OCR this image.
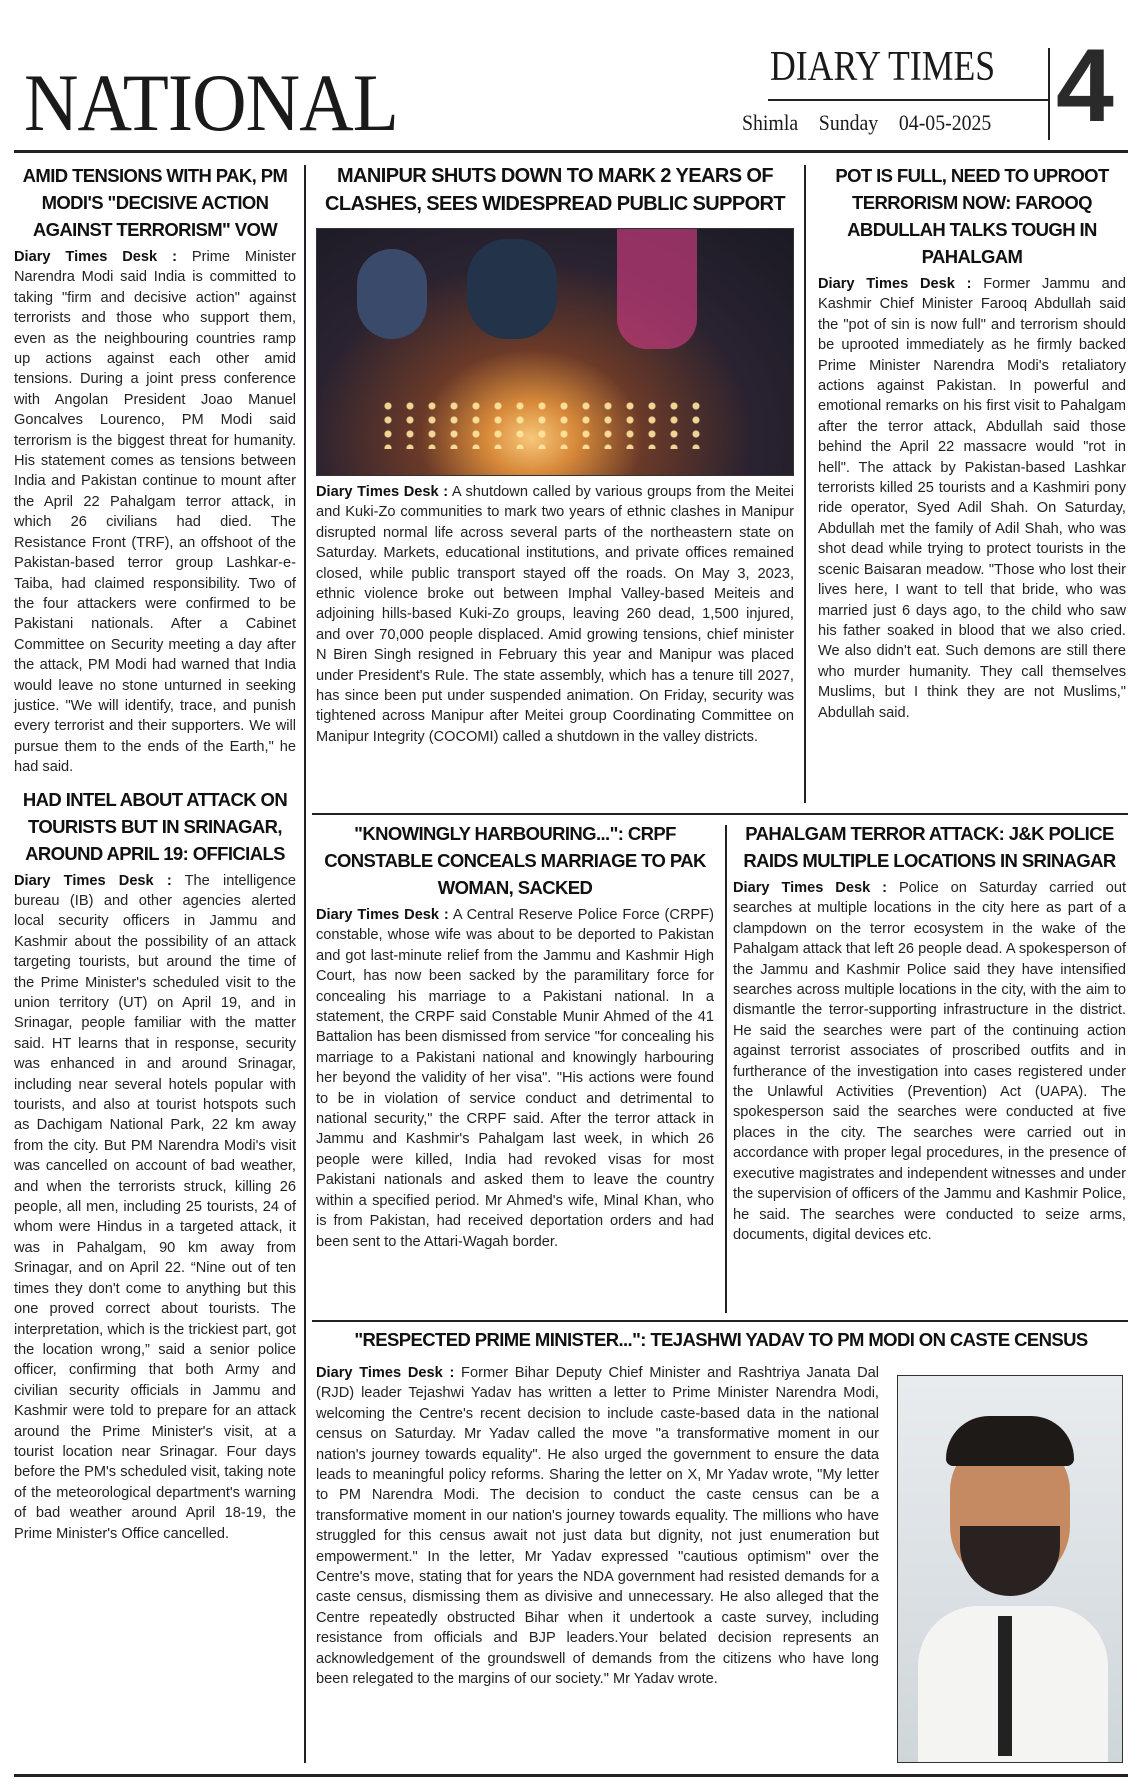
NATIONAL	DIARY TIMES
Shimla Sunday 04-05-2025 4
AMID TENSIONS WITH PAK, PM MODI'S "DECISIVE ACTION AGAINST TERRORISM" VOW

Diary Times Desk : Prime Minister Narendra Modi said India is committed to taking "firm and decisive action" against terrorists and those who support them, even as the neighbouring countries ramp up actions against each other amid tensions. During a joint press conference with Angolan President Joao Manuel Goncalves Lourenco, PM Modi said terrorism is the biggest threat for humanity. His statement comes as tensions between India and Pakistan continue to mount after the April 22 Pahalgam terror attack, in which 26 civilians had died. The Resistance Front (TRF), an offshoot of the Pakistan-based terror group Lashkar-e-Taiba, had claimed responsibility. Two of the four attackers were confirmed to be Pakistani nationals. After a Cabinet Committee on Security meeting a day after the attack, PM Modi had warned that India would leave no stone unturned in seeking justice. "We will identify, trace, and punish every terrorist and their supporters. We will pursue them to the ends of the Earth," he had said.

HAD INTEL ABOUT ATTACK ON TOURISTS BUT IN SRINAGAR, AROUND APRIL 19: OFFICIALS

Diary Times Desk : The intelligence bureau (IB) and other agencies alerted local security officers in Jammu and Kashmir about the possibility of an attack targeting tourists, but around the time of the Prime Minister's scheduled visit to the union territory (UT) on April 19, and in Srinagar, people familiar with the matter said. HT learns that in response, security was enhanced in and around Srinagar, including near several hotels popular with tourists, and also at tourist hotspots such as Dachigam National Park, 22 km away from the city. But PM Narendra Modi's visit was cancelled on account of bad weather, and when the terrorists struck, killing 26 people, all men, including 25 tourists, 24 of whom were Hindus in a targeted attack, it was in Pahalgam, 90 km away from Srinagar, and on April 22. “Nine out of ten times they don't come to anything but this one proved correct about tourists. The interpretation, which is the trickiest part, got the location wrong,” said a senior police officer, confirming that both Army and civilian security officials in Jammu and Kashmir were told to prepare for an attack around the Prime Minister's visit, at a tourist location near Srinagar. Four days before the PM's scheduled visit, taking note of the meteorological department's warning of bad weather around April 18-19, the Prime Minister's Office cancelled.

MANIPUR SHUTS DOWN TO MARK 2 YEARS OF CLASHES, SEES WIDESPREAD PUBLIC SUPPORT

Diary Times Desk : A shutdown called by various groups from the Meitei and Kuki-Zo communities to mark two years of ethnic clashes in Manipur disrupted normal life across several parts of the northeastern state on Saturday. Markets, educational institutions, and private offices remained closed, while public transport stayed off the roads. On May 3, 2023, ethnic violence broke out between Imphal Valley-based Meiteis and adjoining hills-based Kuki-Zo groups, leaving 260 dead, 1,500 injured, and over 70,000 people displaced. Amid growing tensions, chief minister N Biren Singh resigned in February this year and Manipur was placed under President's Rule. The state assembly, which has a tenure till 2027, has since been put under suspended animation. On Friday, security was tightened across Manipur after Meitei group Coordinating Committee on Manipur Integrity (COCOMI) called a shutdown in the valley districts.

POT IS FULL, NEED TO UPROOT TERRORISM NOW: FAROOQ ABDULLAH TALKS TOUGH IN PAHALGAM

Diary Times Desk : Former Jammu and Kashmir Chief Minister Farooq Abdullah said the "pot of sin is now full" and terrorism should be uprooted immediately as he firmly backed Prime Minister Narendra Modi's retaliatory actions against Pakistan. In powerful and emotional remarks on his first visit to Pahalgam after the terror attack, Abdullah said those behind the April 22 massacre would "rot in hell". The attack by Pakistan-based Lashkar terrorists killed 25 tourists and a Kashmiri pony ride operator, Syed Adil Shah. On Saturday, Abdullah met the family of Adil Shah, who was shot dead while trying to protect tourists in the scenic Baisaran meadow. "Those who lost their lives here, I want to tell that bride, who was married just 6 days ago, to the child who saw his father soaked in blood that we also cried. We also didn't eat. Such demons are still there who murder humanity. They call themselves Muslims, but I think they are not Muslims," Abdullah said.

"KNOWINGLY HARBOURING...": CRPF CONSTABLE CONCEALS MARRIAGE TO PAK WOMAN, SACKED

Diary Times Desk : A Central Reserve Police Force (CRPF) constable, whose wife was about to be deported to Pakistan and got last-minute relief from the Jammu and Kashmir High Court, has now been sacked by the paramilitary force for concealing his marriage to a Pakistani national. In a statement, the CRPF said Constable Munir Ahmed of the 41 Battalion has been dismissed from service "for concealing his marriage to a Pakistani national and knowingly harbouring her beyond the validity of her visa". "His actions were found to be in violation of service conduct and detrimental to national security," the CRPF said. After the terror attack in Jammu and Kashmir's Pahalgam last week, in which 26 people were killed, India had revoked visas for most Pakistani nationals and asked them to leave the country within a specified period. Mr Ahmed's wife, Minal Khan, who is from Pakistan, had received deportation orders and had been sent to the Attari-Wagah border.

PAHALGAM TERROR ATTACK: J&K POLICE RAIDS MULTIPLE LOCATIONS IN SRINAGAR

Diary Times Desk : Police on Saturday carried out searches at multiple locations in the city here as part of a clampdown on the terror ecosystem in the wake of the Pahalgam attack that left 26 people dead. A spokesperson of the Jammu and Kashmir Police said they have intensified searches across multiple locations in the city, with the aim to dismantle the terror-supporting infrastructure in the district. He said the searches were part of the continuing action against terrorist associates of proscribed outfits and in furtherance of the investigation into cases registered under the Unlawful Activities (Prevention) Act (UAPA). The spokesperson said the searches were conducted at five places in the city. The searches were carried out in accordance with proper legal procedures, in the presence of executive magistrates and independent witnesses and under the supervision of officers of the Jammu and Kashmir Police, he said. The searches were conducted to seize arms, documents, digital devices etc.

"RESPECTED PRIME MINISTER...": TEJASHWI YADAV TO PM MODI ON CASTE CENSUS

Diary Times Desk : Former Bihar Deputy Chief Minister and Rashtriya Janata Dal (RJD) leader Tejashwi Yadav has written a letter to Prime Minister Narendra Modi, welcoming the Centre's recent decision to include caste-based data in the national census on Saturday. Mr Yadav called the move "a transformative moment in our nation's journey towards equality". He also urged the government to ensure the data leads to meaningful policy reforms. Sharing the letter on X, Mr Yadav wrote, "My letter to PM Narendra Modi. The decision to conduct the caste census can be a transformative moment in our nation's journey towards equality. The millions who have struggled for this census await not just data but dignity, not just enumeration but empowerment." In the letter, Mr Yadav expressed "cautious optimism" over the Centre's move, stating that for years the NDA government had resisted demands for a caste census, dismissing them as divisive and unnecessary. He also alleged that the Centre repeatedly obstructed Bihar when it undertook a caste survey, including resistance from officials and BJP leaders.Your belated decision represents an acknowledgement of the groundswell of demands from the citizens who have long been relegated to the margins of our society." Mr Yadav wrote.
